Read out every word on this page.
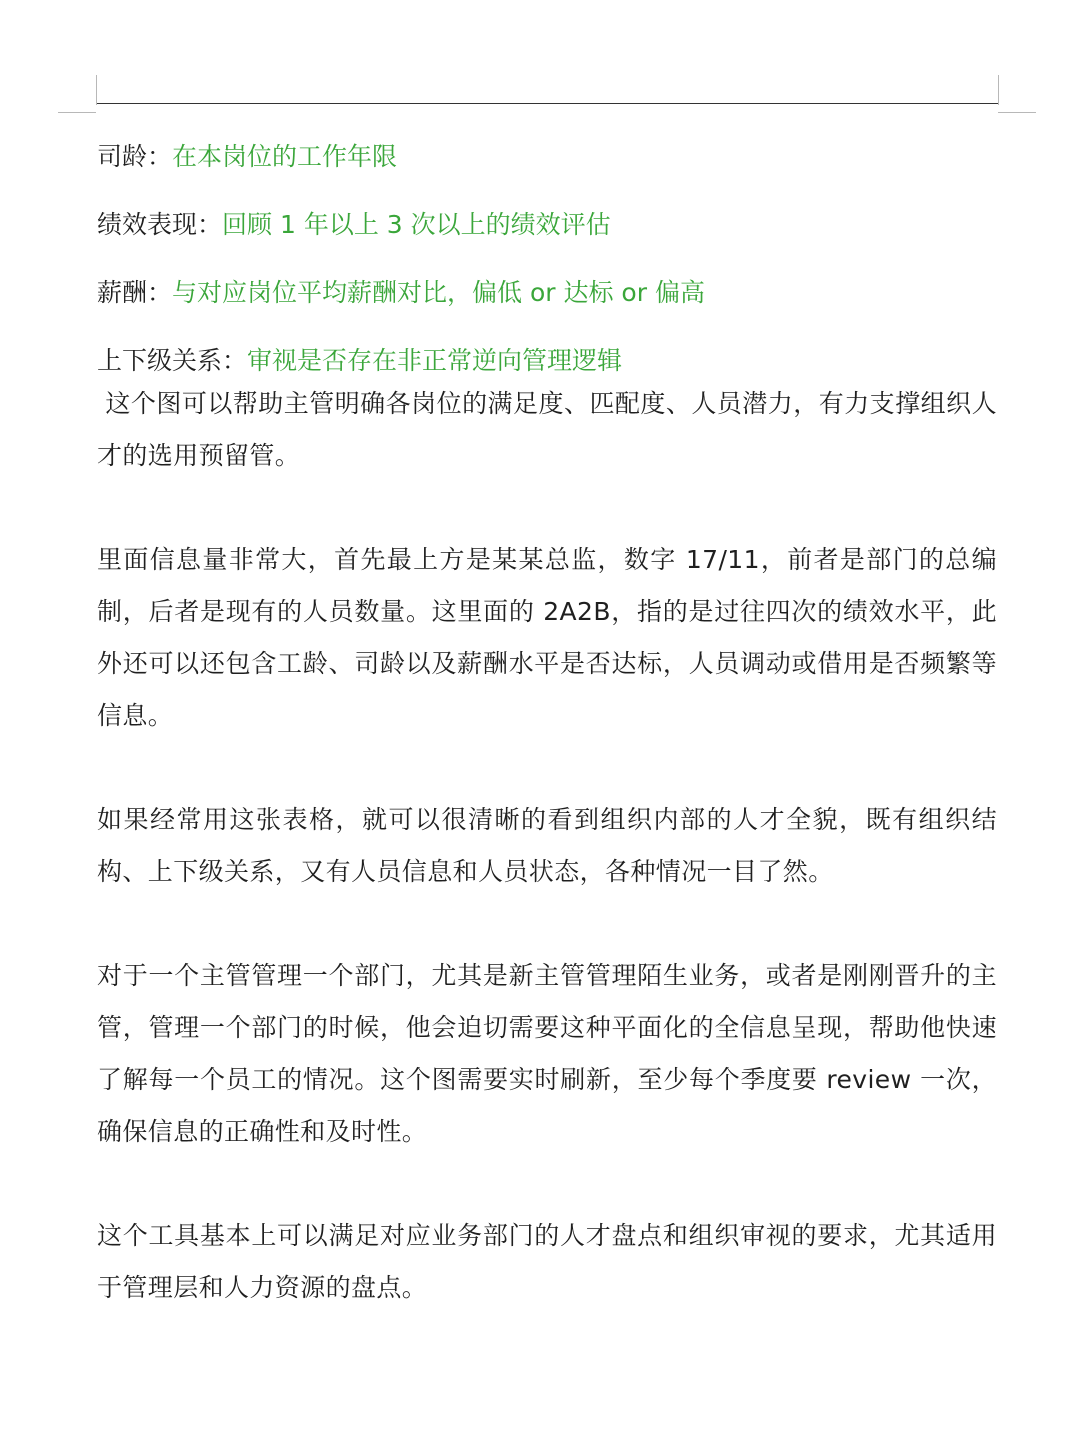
司龄：在本岗位的工作年限
绩效表现：回顾 1 年以上 3 次以上的绩效评估
薪酬：与对应岗位平均薪酬对比，偏低 or 达标 or 偏高
上下级关系：审视是否存在非正常逆向管理逻辑

这个图可以帮助主管明确各岗位的满足度、匹配度、人员潜力，有力支撑组织人才的选用预留管。

里面信息量非常大，首先最上方是某某总监，数字 17/11，前者是部门的总编制，后者是现有的人员数量。这里面的 2A2B，指的是过往四次的绩效水平，此外还可以还包含工龄、司龄以及薪酬水平是否达标，人员调动或借用是否频繁等信息。

如果经常用这张表格，就可以很清晰的看到组织内部的人才全貌，既有组织结构、上下级关系，又有人员信息和人员状态，各种情况一目了然。

对于一个主管管理一个部门，尤其是新主管管理陌生业务，或者是刚刚晋升的主管，管理一个部门的时候，他会迫切需要这种平面化的全信息呈现，帮助他快速了解每一个员工的情况。这个图需要实时刷新，至少每个季度要 review 一次，确保信息的正确性和及时性。

这个工具基本上可以满足对应业务部门的人才盘点和组织审视的要求，尤其适用于管理层和人力资源的盘点。
